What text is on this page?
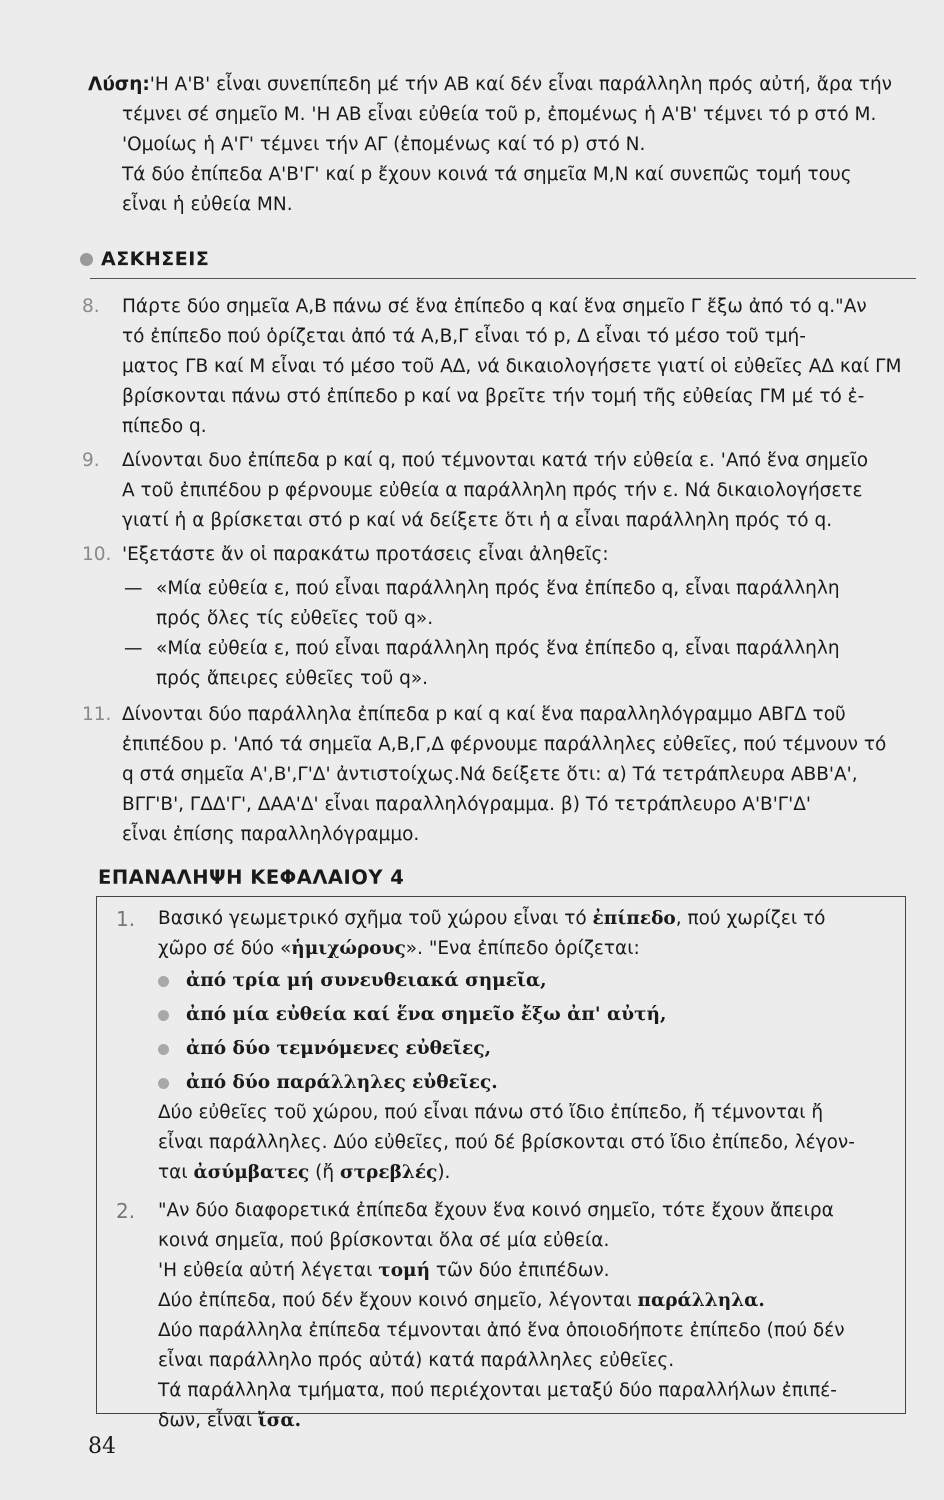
Λύση:'Η Α'Β' εἶναι συνεπίπεδη μέ τήν ΑΒ καί δέν εἶναι παράλληλη πρός αὐτή, ἄρα τήν

τέμνει σέ σημεῖο Μ. 'Η ΑΒ εἶναι εὐθεία τοῦ p, ἐπομένως ἡ Α'Β' τέμνει τό p στό Μ.

'Ομοίως ἡ Α'Γ' τέμνει τήν ΑΓ (ἐπομένως καί τό p) στό Ν.

Τά δύο ἐπίπεδα Α'Β'Γ' καί p ἔχουν κοινά τά σημεῖα Μ,Ν καί συνεπῶς τομή τους

εἶναι ἡ εὐθεία ΜΝ.

ΑΣΚΗΣΕΙΣ
8. Πάρτε δύο σημεῖα Α,Β πάνω σέ ἕνα ἐπίπεδο q καί ἕνα σημεῖο Γ ἔξω ἀπό τό q."Αν

τό ἐπίπεδο πού ὁρίζεται ἀπό τά Α,Β,Γ εἶναι τό p, Δ εἶναι τό μέσο τοῦ τμή-

ματος ΓΒ καί Μ εἶναι τό μέσο τοῦ ΑΔ, νά δικαιολογήσετε γιατί οἱ εὐθεῖες ΑΔ καί ΓΜ

βρίσκονται πάνω στό ἐπίπεδο p καί να βρεῖτε τήν τομή τῆς εὐθείας ΓΜ μέ τό ἐ-

πίπεδο q.

9. Δίνονται δυο ἐπίπεδα p καί q, πού τέμνονται κατά τήν εὐθεία ε. 'Από ἕνα σημεῖο

Α τοῦ ἐπιπέδου p φέρνουμε εὐθεία α παράλληλη πρός τήν ε. Νά δικαιολογήσετε

γιατί ἡ α βρίσκεται στό p καί νά δείξετε ὅτι ἡ α εἶναι παράλληλη πρός τό q.

10. 'Εξετάστε ἄν οἱ παρακάτω προτάσεις εἶναι ἀληθεῖς:

— «Μία εὐθεία ε, πού εἶναι παράλληλη πρός ἕνα ἐπίπεδο q, εἶναι παράλληλη

πρός ὅλες τίς εὐθεῖες τοῦ q».

— «Μία εὐθεία ε, πού εἶναι παράλληλη πρός ἕνα ἐπίπεδο q, εἶναι παράλληλη

πρός ἄπειρες εὐθεῖες τοῦ q».

11. Δίνονται δύο παράλληλα ἐπίπεδα p καί q καί ἕνα παραλληλόγραμμο ΑΒΓΔ τοῦ

ἐπιπέδου p. 'Από τά σημεῖα Α,Β,Γ,Δ φέρνουμε παράλληλες εὐθεῖες, πού τέμνουν τό

q στά σημεῖα Α',Β',Γ'Δ' ἀντιστοίχως.Νά δείξετε ὅτι: α) Τά τετράπλευρα ΑΒΒ'Α',

ΒΓΓ'Β', ΓΔΔ'Γ', ΔΑΑ'Δ' εἶναι παραλληλόγραμμα. β) Τό τετράπλευρο Α'Β'Γ'Δ'

εἶναι ἐπίσης παραλληλόγραμμο.

ΕΠΑΝΑΛΗΨΗ ΚΕΦΑΛΑΙΟΥ 4
1. Βασικό γεωμετρικό σχῆμα τοῦ χώρου εἶναι τό ἐπίπεδο, πού χωρίζει τό

χῶρο σέ δύο «ἡμιχώρους». "Ενα ἐπίπεδο ὁρίζεται:

ἀπό τρία μή συνευθειακά σημεῖα,
ἀπό μία εὐθεία καί ἕνα σημεῖο ἔξω ἀπ' αὐτή,
ἀπό δύο τεμνόμενες εὐθεῖες,
ἀπό δύο παράλληλες εὐθεῖες.

Δύο εὐθεῖες τοῦ χώρου, πού εἶναι πάνω στό ἴδιο ἐπίπεδο, ἤ τέμνονται ἤ

εἶναι παράλληλες. Δύο εὐθεῖες, πού δέ βρίσκονται στό ἴδιο ἐπίπεδο, λέγον-

ται ἀσύμβατες (ἤ στρεβλές).

2. "Αν δύο διαφορετικά ἐπίπεδα ἔχουν ἕνα κοινό σημεῖο, τότε ἔχουν ἄπειρα

κοινά σημεῖα, πού βρίσκονται ὅλα σέ μία εὐθεία.

'Η εὐθεία αὐτή λέγεται τομή τῶν δύο ἐπιπέδων.

Δύο ἐπίπεδα, πού δέν ἔχουν κοινό σημεῖο, λέγονται παράλληλα.

Δύο παράλληλα ἐπίπεδα τέμνονται ἀπό ἕνα ὁποιοδήποτε ἐπίπεδο (πού δέν

εἶναι παράλληλο πρός αὐτά) κατά παράλληλες εὐθεῖες.

Τά παράλληλα τμήματα, πού περιέχονται μεταξύ δύο παραλλήλων ἐπιπέ-

δων, εἶναι ἴσα.

84
